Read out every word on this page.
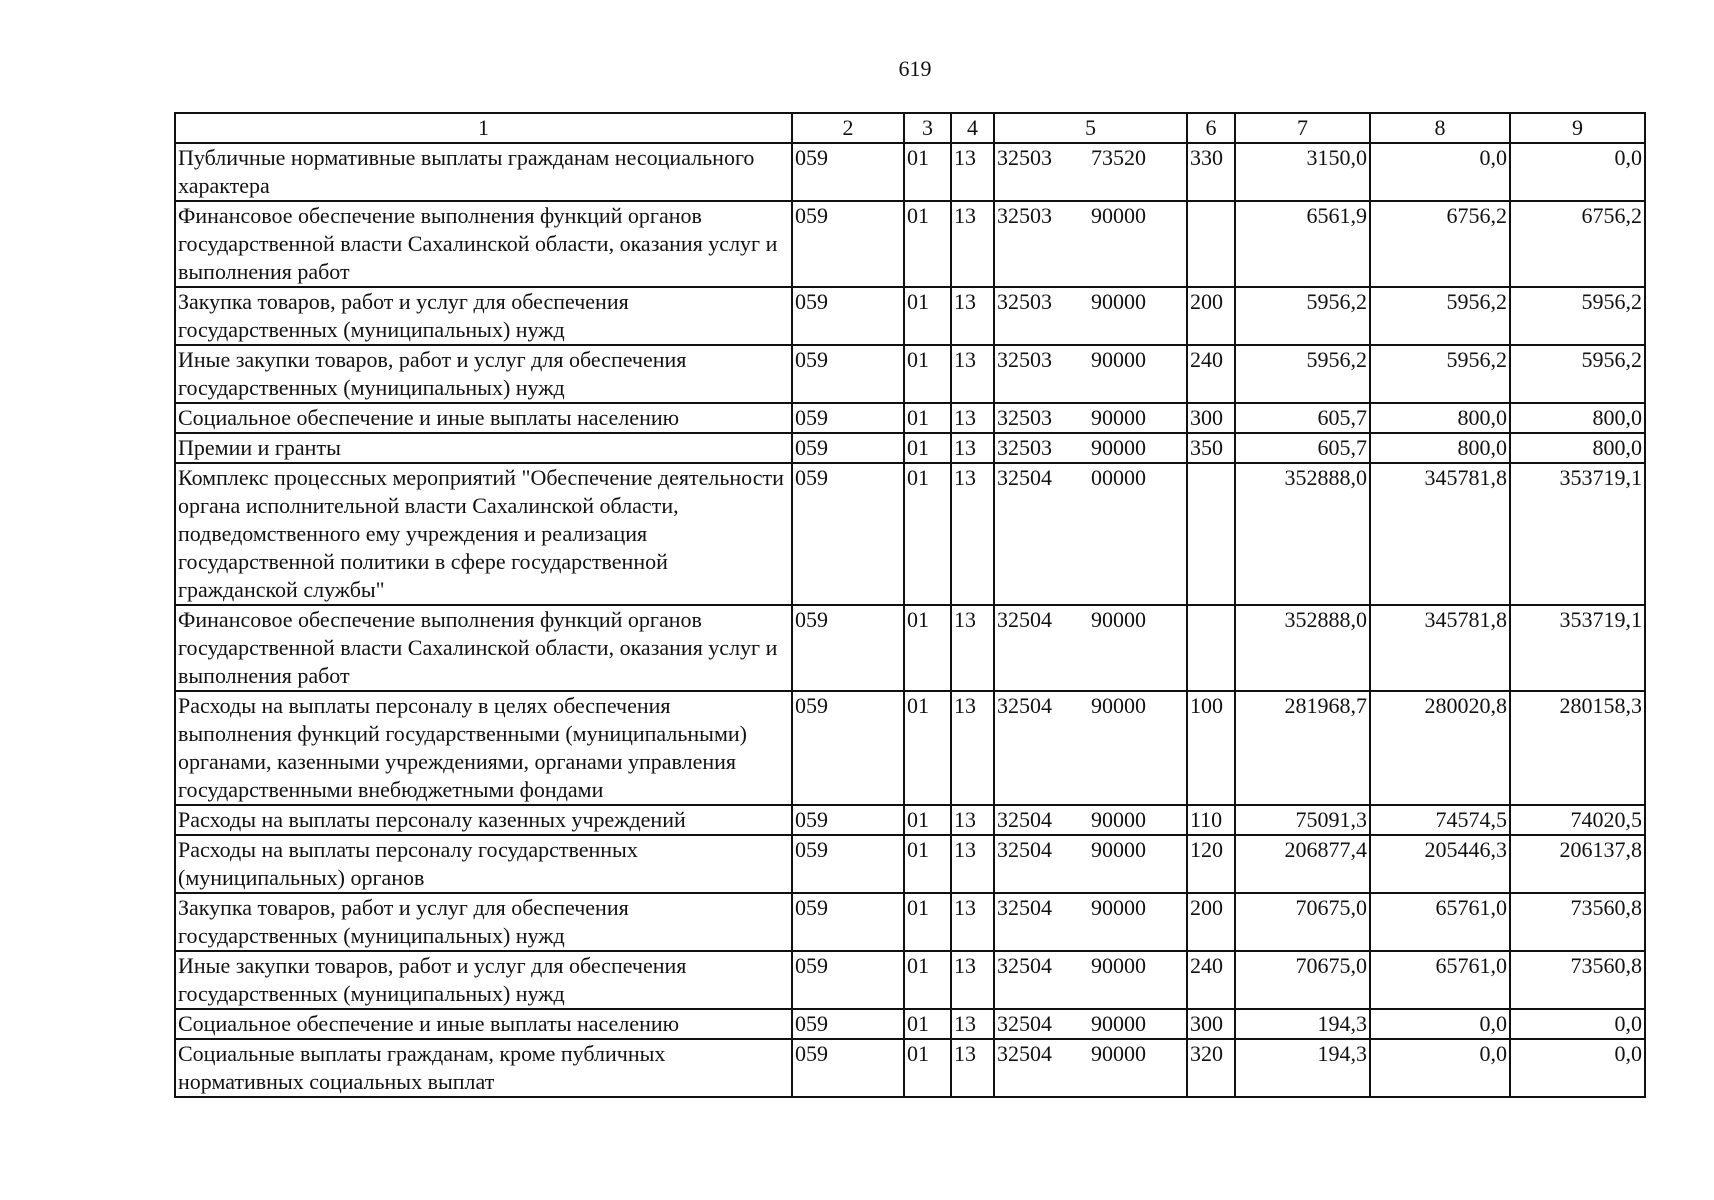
619
1	2	3	4	5	6	7	8	9
Публичные нормативные выплаты гражданам несоциального характера	059	01	13	32503 73520	330	3150,0	0,0	0,0
Финансовое обеспечение выполнения функций органов государственной власти Сахалинской области, оказания услуг и выполнения работ	059	01	13	32503 90000		6561,9	6756,2	6756,2
Закупка товаров, работ и услуг для обеспечения государственных (муниципальных) нужд	059	01	13	32503 90000	200	5956,2	5956,2	5956,2
Иные закупки товаров, работ и услуг для обеспечения государственных (муниципальных) нужд	059	01	13	32503 90000	240	5956,2	5956,2	5956,2
Социальное обеспечение и иные выплаты населению	059	01	13	32503 90000	300	605,7	800,0	800,0
Премии и гранты	059	01	13	32503 90000	350	605,7	800,0	800,0
Комплекс процессных мероприятий "Обеспечение деятельности органа исполнительной власти Сахалинской области, подведомственного ему учреждения и реализация государственной политики в сфере государственной гражданской службы"	059	01	13	32504 00000		352888,0	345781,8	353719,1
Финансовое обеспечение выполнения функций органов государственной власти Сахалинской области, оказания услуг и выполнения работ	059	01	13	32504 90000		352888,0	345781,8	353719,1
Расходы на выплаты персоналу в целях обеспечения выполнения функций государственными (муниципальными) органами, казенными учреждениями, органами управления государственными внебюджетными фондами	059	01	13	32504 90000	100	281968,7	280020,8	280158,3
Расходы на выплаты персоналу казенных учреждений	059	01	13	32504 90000	110	75091,3	74574,5	74020,5
Расходы на выплаты персоналу государственных (муниципальных) органов	059	01	13	32504 90000	120	206877,4	205446,3	206137,8
Закупка товаров, работ и услуг для обеспечения государственных (муниципальных) нужд	059	01	13	32504 90000	200	70675,0	65761,0	73560,8
Иные закупки товаров, работ и услуг для обеспечения государственных (муниципальных) нужд	059	01	13	32504 90000	240	70675,0	65761,0	73560,8
Социальное обеспечение и иные выплаты населению	059	01	13	32504 90000	300	194,3	0,0	0,0
Социальные выплаты гражданам, кроме публичных нормативных социальных выплат	059	01	13	32504 90000	320	194,3	0,0	0,0
